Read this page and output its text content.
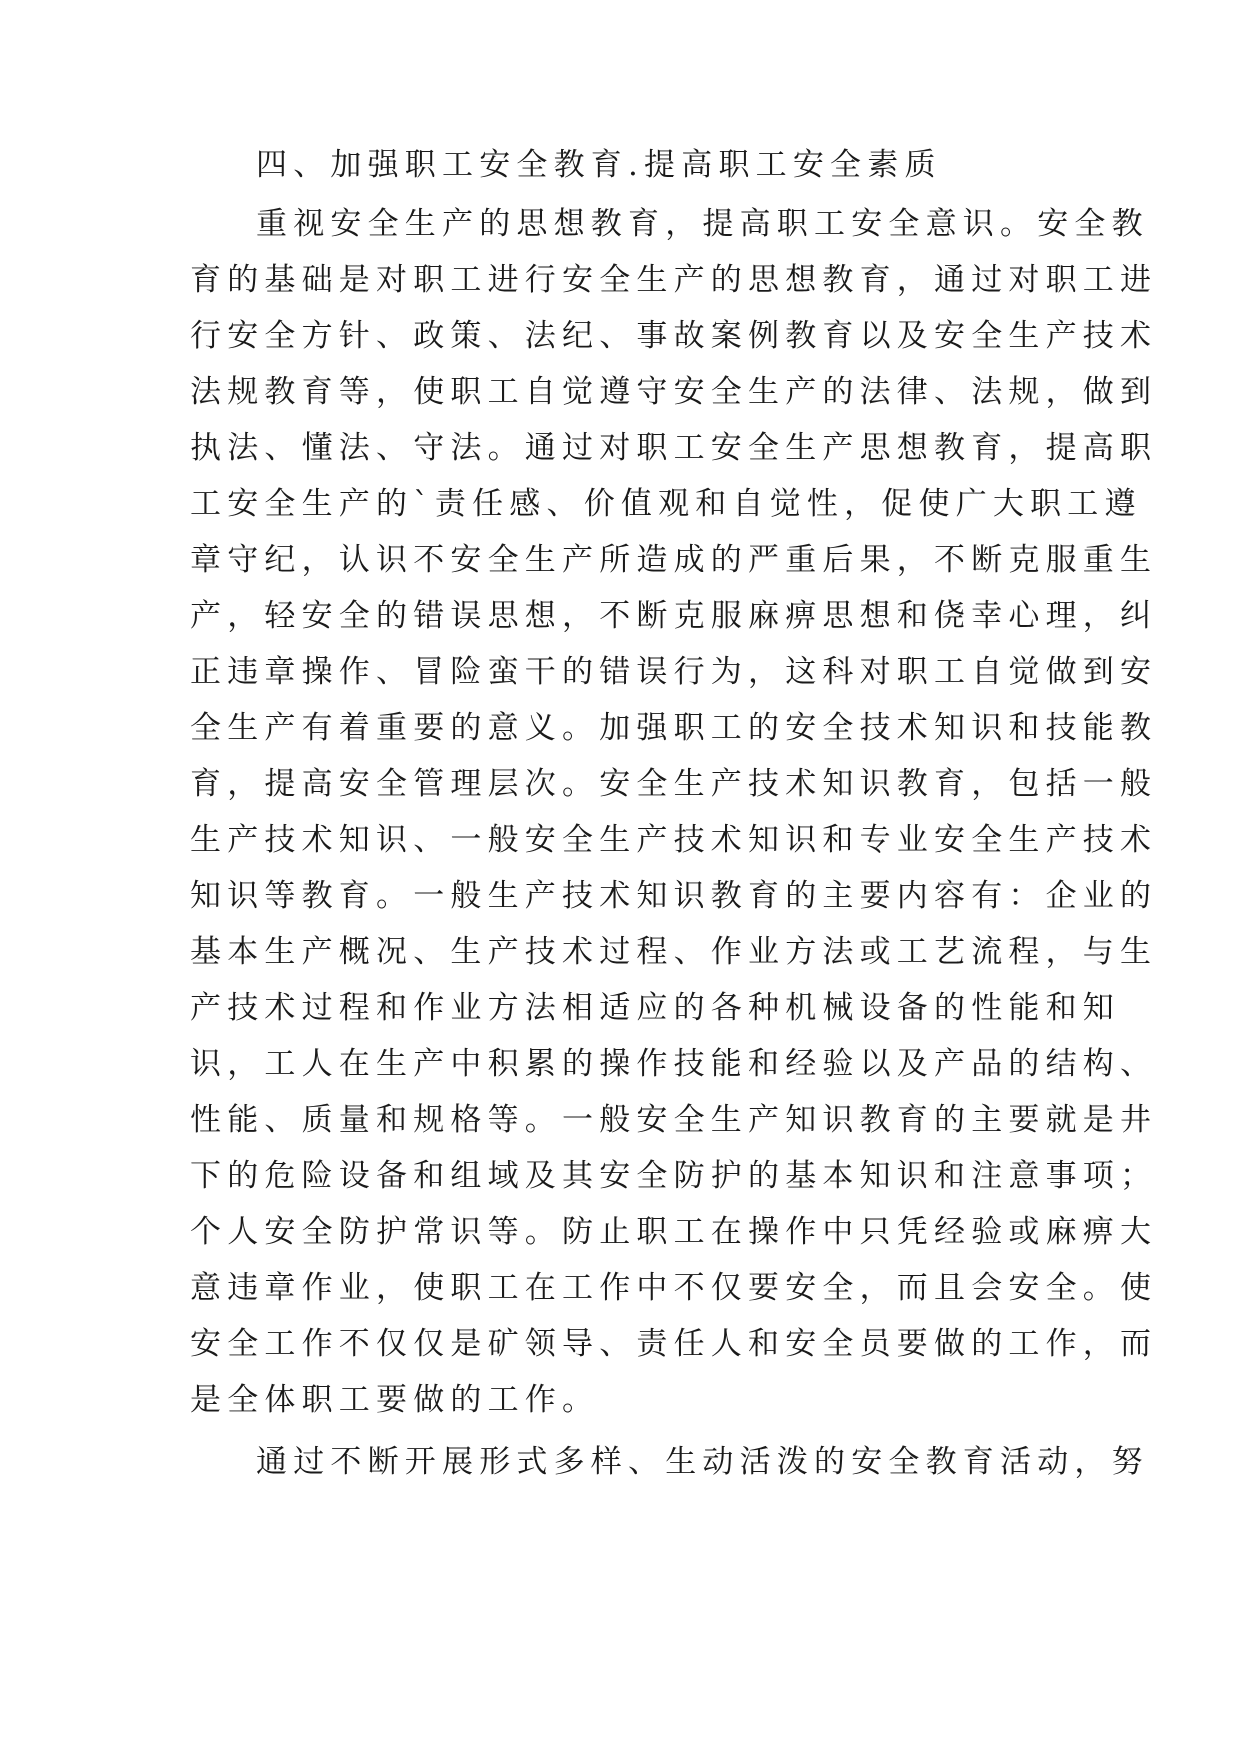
四、加强职工安全教育.提高职工安全素质
重视安全生产的思想教育，提高职工安全意识。安全教
育的基础是对职工进行安全生产的思想教育，通过对职工进
行安全方针、政策、法纪、事故案例教育以及安全生产技术
法规教育等，使职工自觉遵守安全生产的法律、法规，做到
执法、懂法、守法。通过对职工安全生产思想教育，提高职
工安全生产的`责任感、价值观和自觉性，促使广大职工遵
章守纪，认识不安全生产所造成的严重后果，不断克服重生
产，轻安全的错误思想，不断克服麻痹思想和侥幸心理，纠
正违章操作、冒险蛮干的错误行为，这科对职工自觉做到安
全生产有着重要的意义。加强职工的安全技术知识和技能教
育，提高安全管理层次。安全生产技术知识教育，包括一般
生产技术知识、一般安全生产技术知识和专业安全生产技术
知识等教育。一般生产技术知识教育的主要内容有：企业的
基本生产概况、生产技术过程、作业方法或工艺流程，与生
产技术过程和作业方法相适应的各种机械设备的性能和知
识，工人在生产中积累的操作技能和经验以及产品的结构、
性能、质量和规格等。一般安全生产知识教育的主要就是井
下的危险设备和组域及其安全防护的基本知识和注意事项；
个人安全防护常识等。防止职工在操作中只凭经验或麻痹大
意违章作业，使职工在工作中不仅要安全，而且会安全。使
安全工作不仅仅是矿领导、责任人和安全员要做的工作，而
是全体职工要做的工作。
通过不断开展形式多样、生动活泼的安全教育活动，努
